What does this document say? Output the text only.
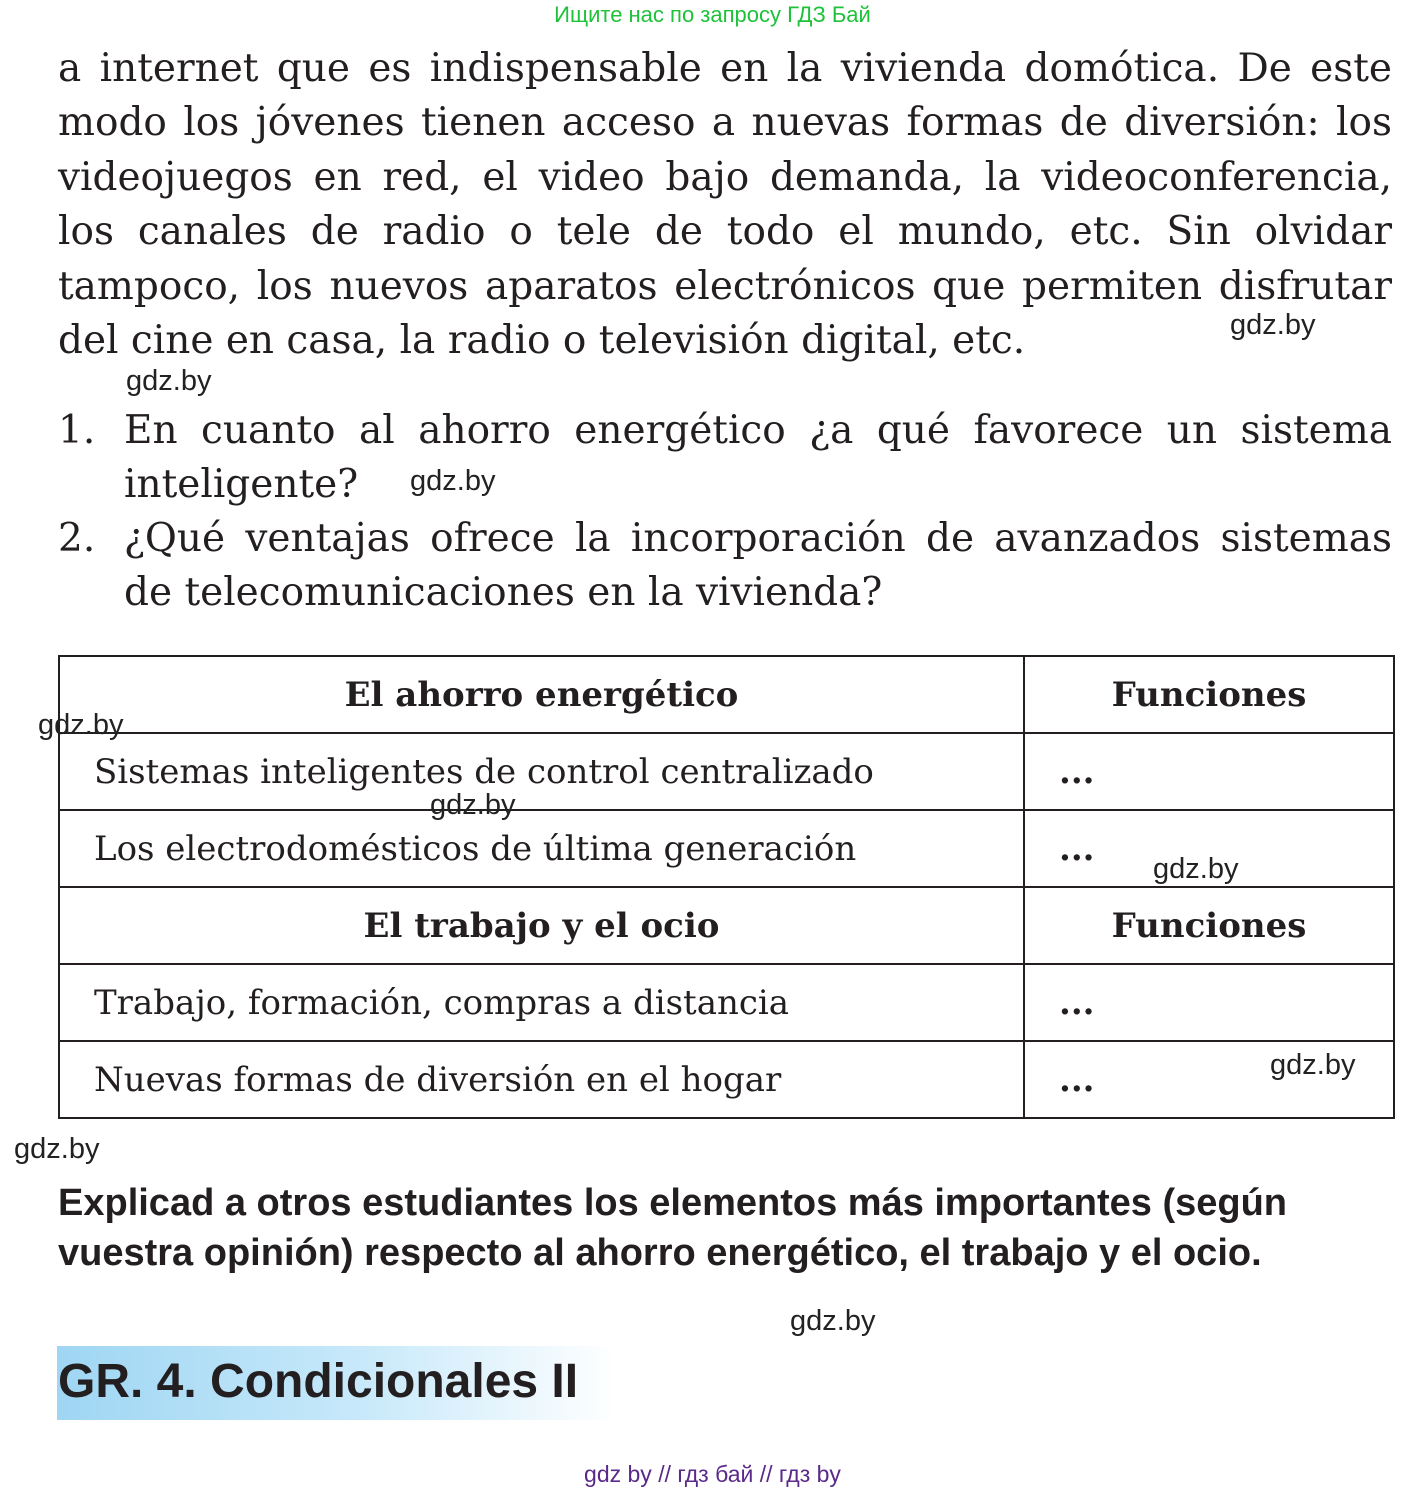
Ищите нас по запросу ГДЗ Бай

a internet que es indispensable en la vivienda domótica. De este modo los jóvenes tienen acceso a nuevas formas de diversión: los videojuegos en red, el video bajo demanda, la videoconferencia, los canales de radio o tele de todo el mundo, etc. Sin olvidar tampoco, los nuevos aparatos electrónicos que permiten disfrutar del cine en casa, la radio o televisión digital, etc.

1. En cuanto al ahorro energético ¿a qué favorece un sistema inteligente?
2. ¿Qué ventajas ofrece la incorporación de avanzados sistemas de telecomunicaciones en la vivienda?
El ahorro energético	Funciones
Sistemas inteligentes de control centralizado	...
Los electrodomésticos de última generación	...
El trabajo y el ocio	Funciones
Trabajo, formación, compras a distancia	...
Nuevas formas de diversión en el hogar	...
Explicad a otros estudiantes los elementos más importantes (según vuestra opinión) respecto al ahorro energético, el trabajo y el ocio.
GR. 4. Condicionales II
gdz.by
gdz.by
gdz.by
gdz.by
gdz.by
gdz.by
gdz.by
gdz.by
gdz.by
gdz by // гдз бай // гдз by
